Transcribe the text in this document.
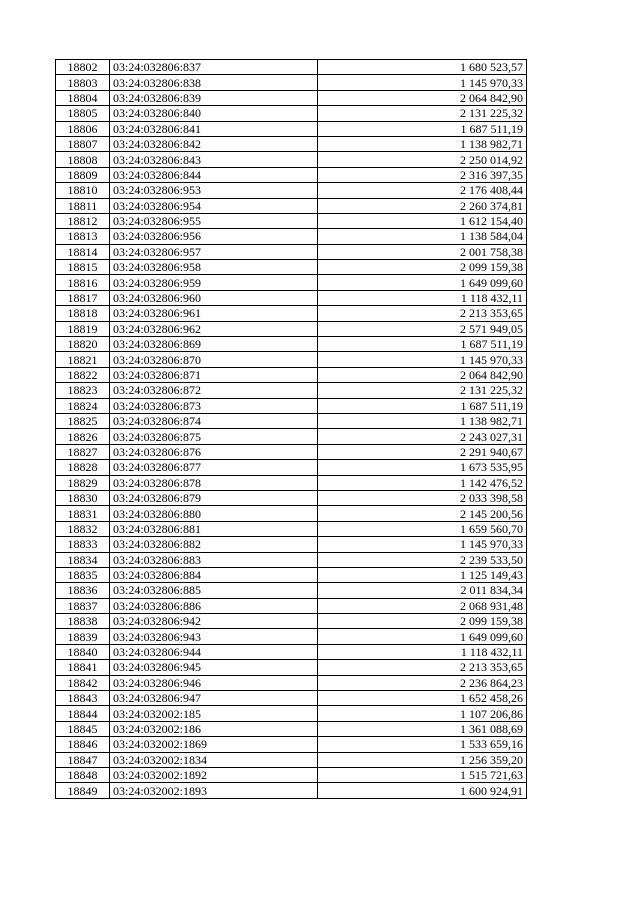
18802	03:24:032806:837	1 680 523,57
18803	03:24:032806:838	1 145 970,33
18804	03:24:032806:839	2 064 842,90
18805	03:24:032806:840	2 131 225,32
18806	03:24:032806:841	1 687 511,19
18807	03:24:032806:842	1 138 982,71
18808	03:24:032806:843	2 250 014,92
18809	03:24:032806:844	2 316 397,35
18810	03:24:032806:953	2 176 408,44
18811	03:24:032806:954	2 260 374,81
18812	03:24:032806:955	1 612 154,40
18813	03:24:032806:956	1 138 584,04
18814	03:24:032806:957	2 001 758,38
18815	03:24:032806:958	2 099 159,38
18816	03:24:032806:959	1 649 099,60
18817	03:24:032806:960	1 118 432,11
18818	03:24:032806:961	2 213 353,65
18819	03:24:032806:962	2 571 949,05
18820	03:24:032806:869	1 687 511,19
18821	03:24:032806:870	1 145 970,33
18822	03:24:032806:871	2 064 842,90
18823	03:24:032806:872	2 131 225,32
18824	03:24:032806:873	1 687 511,19
18825	03:24:032806:874	1 138 982,71
18826	03:24:032806:875	2 243 027,31
18827	03:24:032806:876	2 291 940,67
18828	03:24:032806:877	1 673 535,95
18829	03:24:032806:878	1 142 476,52
18830	03:24:032806:879	2 033 398,58
18831	03:24:032806:880	2 145 200,56
18832	03:24:032806:881	1 659 560,70
18833	03:24:032806:882	1 145 970,33
18834	03:24:032806:883	2 239 533,50
18835	03:24:032806:884	1 125 149,43
18836	03:24:032806:885	2 011 834,34
18837	03:24:032806:886	2 068 931,48
18838	03:24:032806:942	2 099 159,38
18839	03:24:032806:943	1 649 099,60
18840	03:24:032806:944	1 118 432,11
18841	03:24:032806:945	2 213 353,65
18842	03:24:032806:946	2 236 864,23
18843	03:24:032806:947	1 652 458,26
18844	03:24:032002:185	1 107 206,86
18845	03:24:032002:186	1 361 088,69
18846	03:24:032002:1869	1 533 659,16
18847	03:24:032002:1834	1 256 359,20
18848	03:24:032002:1892	1 515 721,63
18849	03:24:032002:1893	1 600 924,91
